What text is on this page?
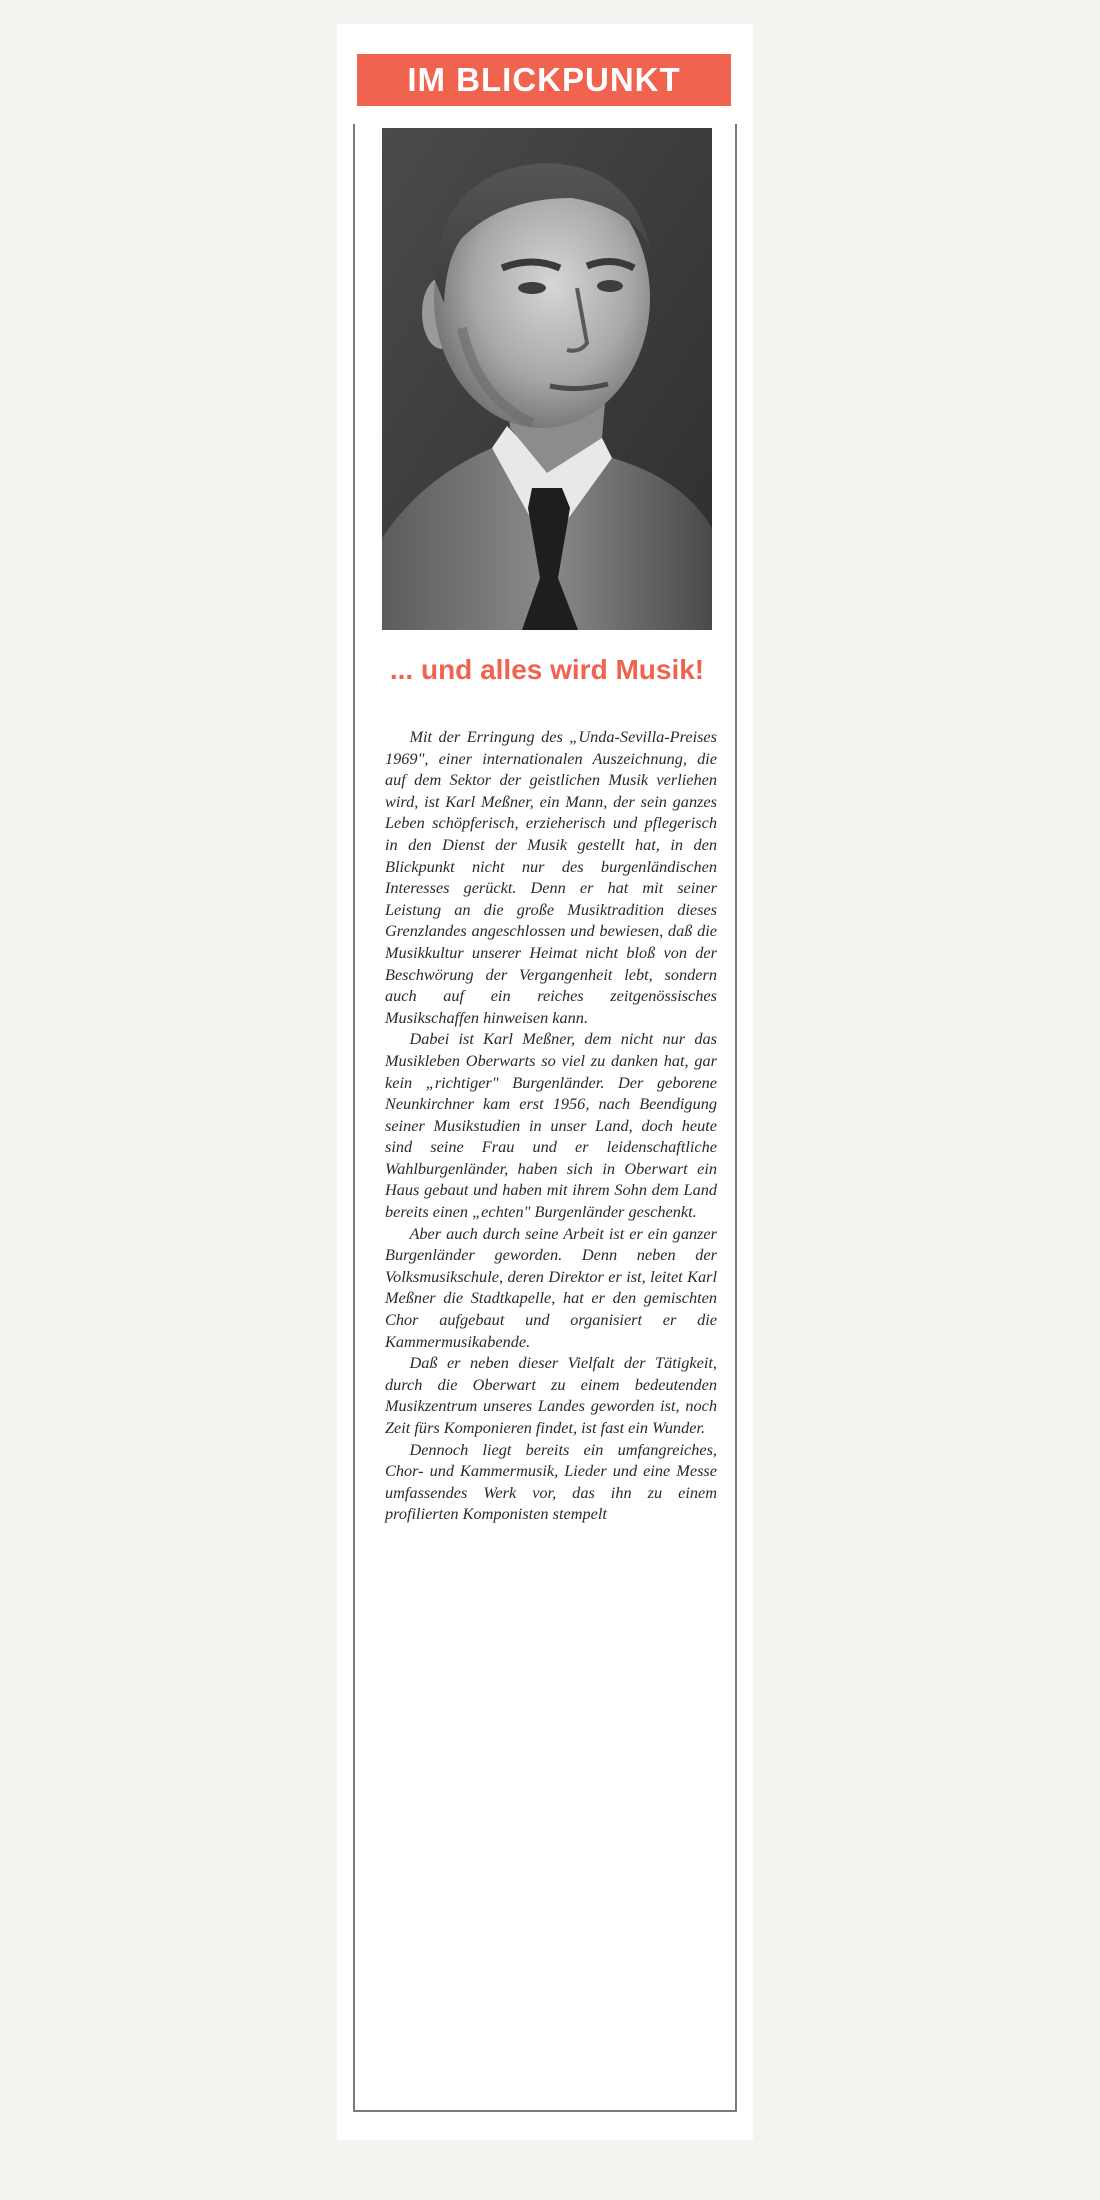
IM BLICKPUNKT
... und alles wird Musik!

Mit der Erringung des „Unda-Sevilla-Preises 1969", einer internationalen Auszeichnung, die auf dem Sektor der geistlichen Musik verliehen wird, ist Karl Meßner, ein Mann, der sein ganzes Leben schöpferisch, erzieherisch und pflegerisch in den Dienst der Musik gestellt hat, in den Blickpunkt nicht nur des burgenländischen Interesses gerückt. Denn er hat mit seiner Leistung an die große Musiktradition dieses Grenzlandes angeschlossen und bewiesen, daß die Musikkultur unserer Heimat nicht bloß von der Beschwörung der Vergangenheit lebt, sondern auch auf ein reiches zeitgenössisches Musikschaffen hinweisen kann.

Dabei ist Karl Meßner, dem nicht nur das Musikleben Oberwarts so viel zu danken hat, gar kein „richtiger" Burgenländer. Der geborene Neunkirchner kam erst 1956, nach Beendigung seiner Musikstudien in unser Land, doch heute sind seine Frau und er leidenschaftliche Wahlburgenländer, haben sich in Oberwart ein Haus gebaut und haben mit ihrem Sohn dem Land bereits einen „echten" Burgenländer geschenkt.

Aber auch durch seine Arbeit ist er ein ganzer Burgenländer geworden. Denn neben der Volksmusikschule, deren Direktor er ist, leitet Karl Meßner die Stadtkapelle, hat er den gemischten Chor aufgebaut und organisiert er die Kammermusikabende.

Daß er neben dieser Vielfalt der Tätigkeit, durch die Oberwart zu einem bedeutenden Musikzentrum unseres Landes geworden ist, noch Zeit fürs Komponieren findet, ist fast ein Wunder.

Dennoch liegt bereits ein umfangreiches, Chor- und Kammermusik, Lieder und eine Messe umfassendes Werk vor, das ihn zu einem profilierten Komponisten stempelt
